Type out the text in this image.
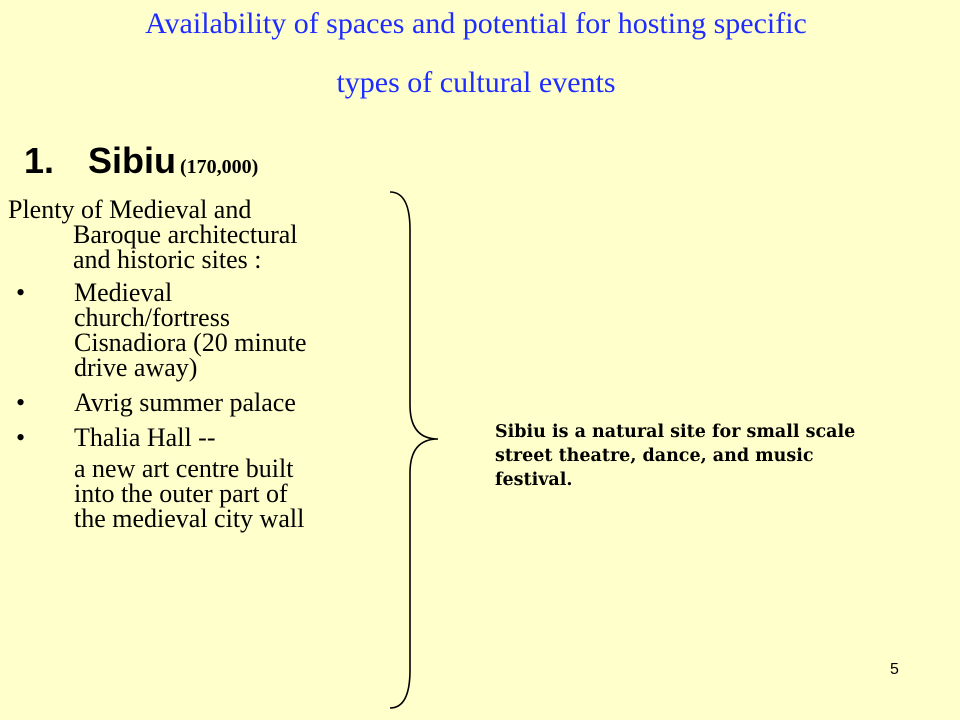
Availability of spaces and potential for hosting specific
types of cultural events
1. Sibiu (170,000)

Plenty of Medieval and Baroque architectural and historic sites :

• Medieval church/fortress Cisnadiora (20 minute drive away)
• Avrig summer palace
• Thalia Hall --

a new art centre built into the outer part of the medieval city wall

Sibiu is a natural site for small scale street theatre, dance, and music festival.

5
